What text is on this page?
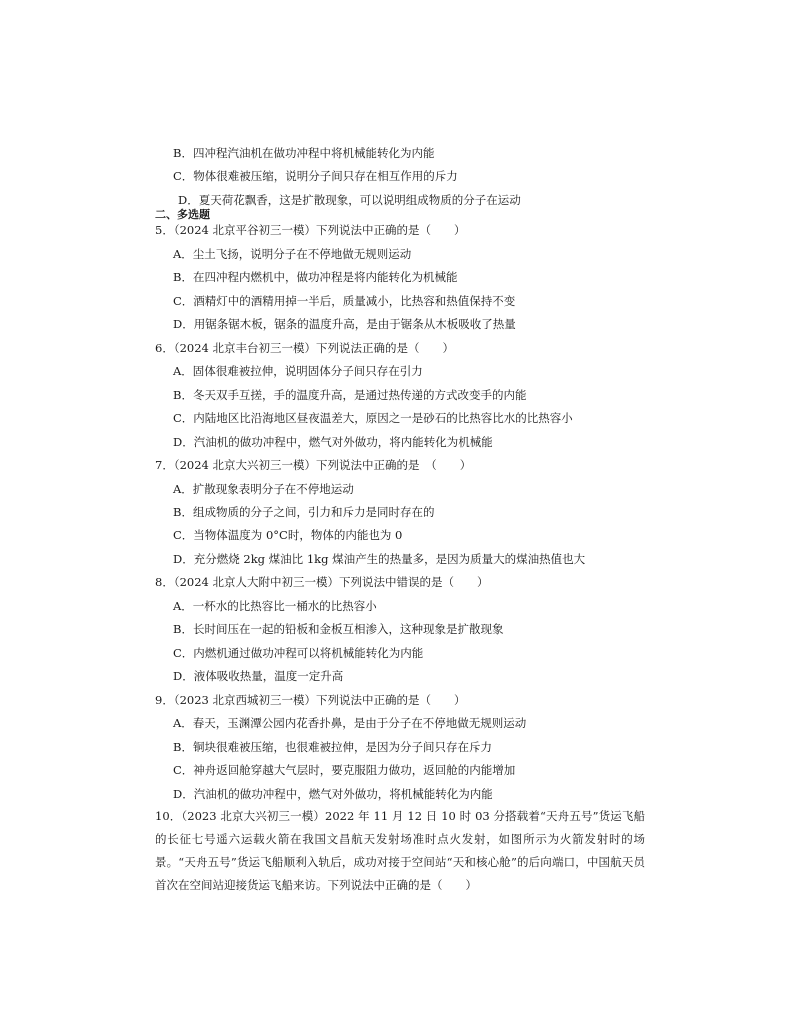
B．四冲程汽油机在做功冲程中将机械能转化为内能
C．物体很难被压缩，说明分子间只存在相互作用的斥力
D．夏天荷花飘香，这是扩散现象，可以说明组成物质的分子在运动
二、多选题
5．（2024 北京平谷初三一模）下列说法中正确的是（　　）
A．尘土飞扬，说明分子在不停地做无规则运动
B．在四冲程内燃机中，做功冲程是将内能转化为机械能
C．酒精灯中的酒精用掉一半后，质量减小，比热容和热值保持不变
D．用锯条锯木板，锯条的温度升高，是由于锯条从木板吸收了热量
6．（2024 北京丰台初三一模）下列说法正确的是（　　）
A．固体很难被拉伸，说明固体分子间只存在引力
B．冬天双手互搓，手的温度升高，是通过热传递的方式改变手的内能
C．内陆地区比沿海地区昼夜温差大，原因之一是砂石的比热容比水的比热容小
D．汽油机的做功冲程中，燃气对外做功，将内能转化为机械能
7．（2024 北京大兴初三一模）下列说法中正确的是　（　　）
A．扩散现象表明分子在不停地运动
B．组成物质的分子之间，引力和斥力是同时存在的
C．当物体温度为 0°C时，物体的内能也为 0
D．充分燃烧 2kg 煤油比 1kg 煤油产生的热量多，是因为质量大的煤油热值也大
8．（2024 北京人大附中初三一模）下列说法中错误的是（　　）
A．一杯水的比热容比一桶水的比热容小
B．长时间压在一起的铅板和金板互相渗入，这种现象是扩散现象
C．内燃机通过做功冲程可以将机械能转化为内能
D．液体吸收热量，温度一定升高
9．（2023 北京西城初三一模）下列说法中正确的是（　　）
A．春天，玉渊潭公园内花香扑鼻，是由于分子在不停地做无规则运动
B．铜块很难被压缩，也很难被拉伸，是因为分子间只存在斥力
C．神舟返回舱穿越大气层时，要克服阻力做功，返回舱的内能增加
D．汽油机的做功冲程中，燃气对外做功，将机械能转化为内能
10．（2023 北京大兴初三一模）2022 年 11 月 12 日 10 时 03 分搭载着“天舟五号”货运飞船的长征七号遥六运载火箭在我国文昌航天发射场准时点火发射，如图所示为火箭发射时的场景。“天舟五号”货运飞船顺利入轨后，成功对接于空间站“天和核心舱”的后向端口，中国航天员首次在空间站迎接货运飞船来访。下列说法中正确的是（　　）
